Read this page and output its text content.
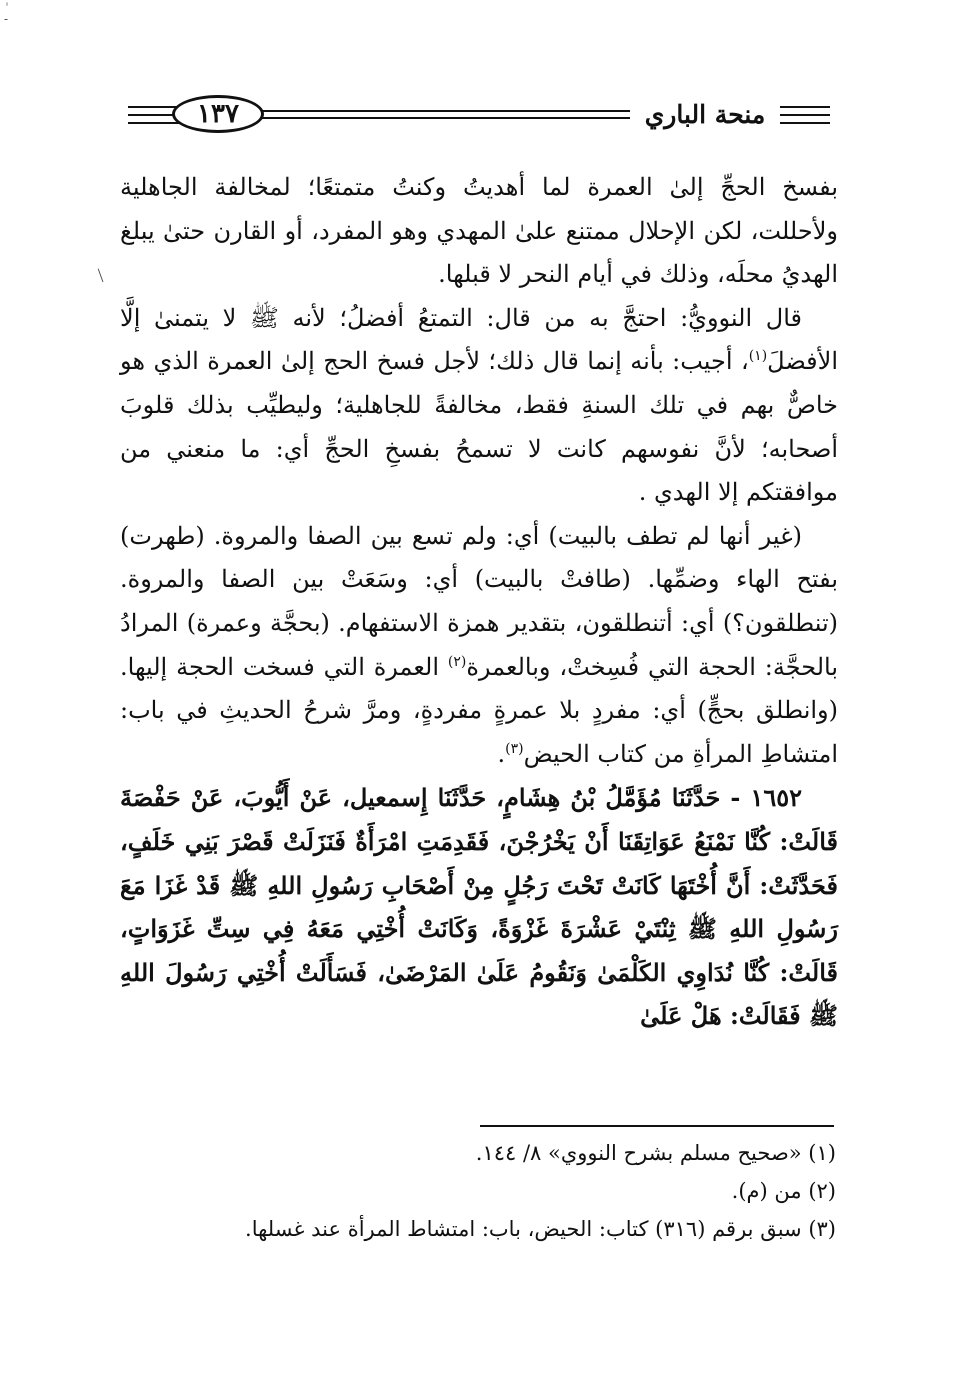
-
١٣٧	منحة الباري

بفسخ الحجِّ إلىٰ العمرة لما أهديتُ وكنتُ متمتعًا؛ لمخالفة الجاهلية ولأحللت، لكن الإحلال ممتنع علىٰ المهدي وهو المفرد، أو القارن حتىٰ يبلغ الهديُ محلَه، وذلك في أيام النحر لا قبلها.

قال النوويُّ: احتجَّ به من قال: التمتعُ أفضلُ؛ لأنه ﷺ لا يتمنىٰ إلَّا الأفضلَ$^{(١)}$، أجيب: بأنه إنما قال ذلك؛ لأجل فسخ الحج إلىٰ العمرة الذي هو خاصٌّ بهم في تلك السنةِ فقط، مخالفةً للجاهلية؛ وليطيِّب بذلك قلوبَ أصحابه؛ لأنَّ نفوسهم كانت لا تسمحُ بفسخِ الحجِّ أي: ما منعني من موافقتكم إلا الهدي .

(غير أنها لم تطف بالبيت) أي: ولم تسع بين الصفا والمروة. (طهرت) بفتح الهاء وضمِّها. (طافتْ بالبيت) أي: وسَعَتْ بين الصفا والمروة. (تنطلقون؟) أي: أتنطلقون، بتقدير همزة الاستفهام. (بحجَّة وعمرة) المرادُ بالحجَّة: الحجة التي فُسِختْ، وبالعمرة$^{(٢)}$ العمرة التي فسخت الحجة إليها. (وانطلق بحجٍّ) أي: مفردٍ بلا عمرةٍ مفردةٍ، ومرَّ شرحُ الحديثِ في باب: امتشاطِ المرأةِ من كتاب الحيض$^{(٣)}$.

١٦٥٢ - حَدَّثَنَا مُؤَمَّلُ بْنُ هِشَامٍ، حَدَّثَنَا إِسمعيل، عَنْ أَيُّوبَ، عَنْ حَفْصَةَ قَالَتْ: كُنَّا نَمْنَعُ عَوَاتِقَنَا أَنْ يَخْرُجْنَ، فَقَدِمَتِ امْرَأَةٌ فَنَزَلَتْ قَصْرَ بَنِي خَلَفٍ، فَحَدَّثَتْ: أَنَّ أُخْتَهَا كَانَتْ تَحْتَ رَجُلٍ مِنْ أَصْحَابِ رَسُولِ اللهِ ﷺ قَدْ غَزَا مَعَ رَسُولِ اللهِ ﷺ ثِنْتَيْ عَشْرَةَ غَزْوَةً، وَكَانَتْ أُخْتِي مَعَهُ فِي سِتِّ غَزَوَاتٍ، قَالَتْ: كُنَّا نُدَاوِي الكَلْمَىٰ وَنَقُومُ عَلَىٰ المَرْضَىٰ، فَسَأَلَتْ أُخْتِي رَسُولَ اللهِ ﷺ فَقَالَتْ: هَلْ عَلَىٰ

(١) «صحيح مسلم بشرح النووي» ٨/ ١٤٤.

(٢) من (م).

(٣) سبق برقم (٣١٦) كتاب: الحيض، باب: امتشاط المرأة عند غسلها.
